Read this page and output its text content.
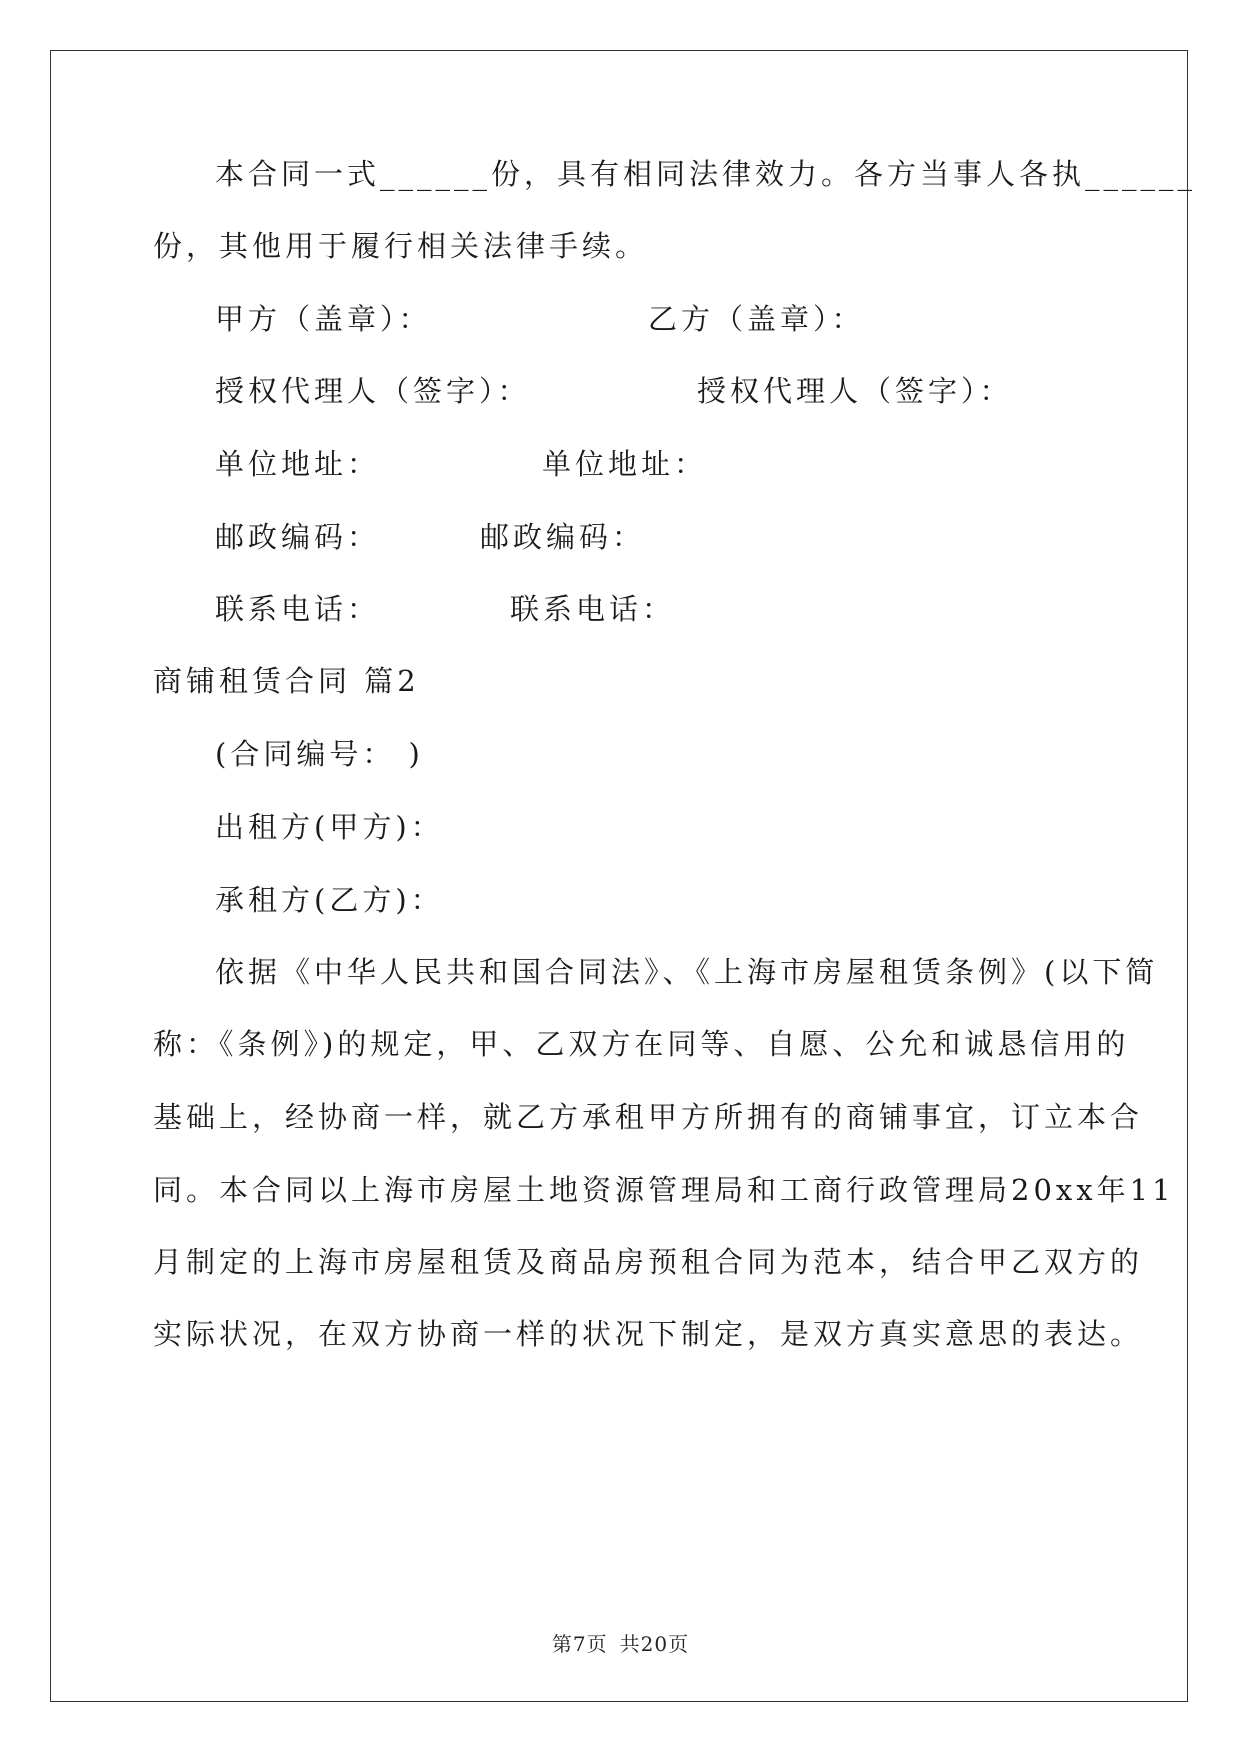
本合同一式______份，具有相同法律效力。各方当事人各执______
份，其他用于履行相关法律手续。
甲方（盖章）：	乙方（盖章）：
授权代理人（签字）：	授权代理人（签字）：
单位地址：	单位地址：
邮政编码：	邮政编码：
联系电话：	联系电话：
商铺租赁合同 篇2
(合同编号： )
出租方(甲方)：
承租方(乙方)：
依据《中华人民共和国合同法》、《上海市房屋租赁条例》(以下简
称：《条例》)的规定，甲、乙双方在同等、自愿、公允和诚恳信用的
基础上，经协商一样，就乙方承租甲方所拥有的商铺事宜，订立本合
同。本合同以上海市房屋土地资源管理局和工商行政管理局20xx年11
月制定的上海市房屋租赁及商品房预租合同为范本，结合甲乙双方的
实际状况，在双方协商一样的状况下制定，是双方真实意思的表达。
第7页 共20页
